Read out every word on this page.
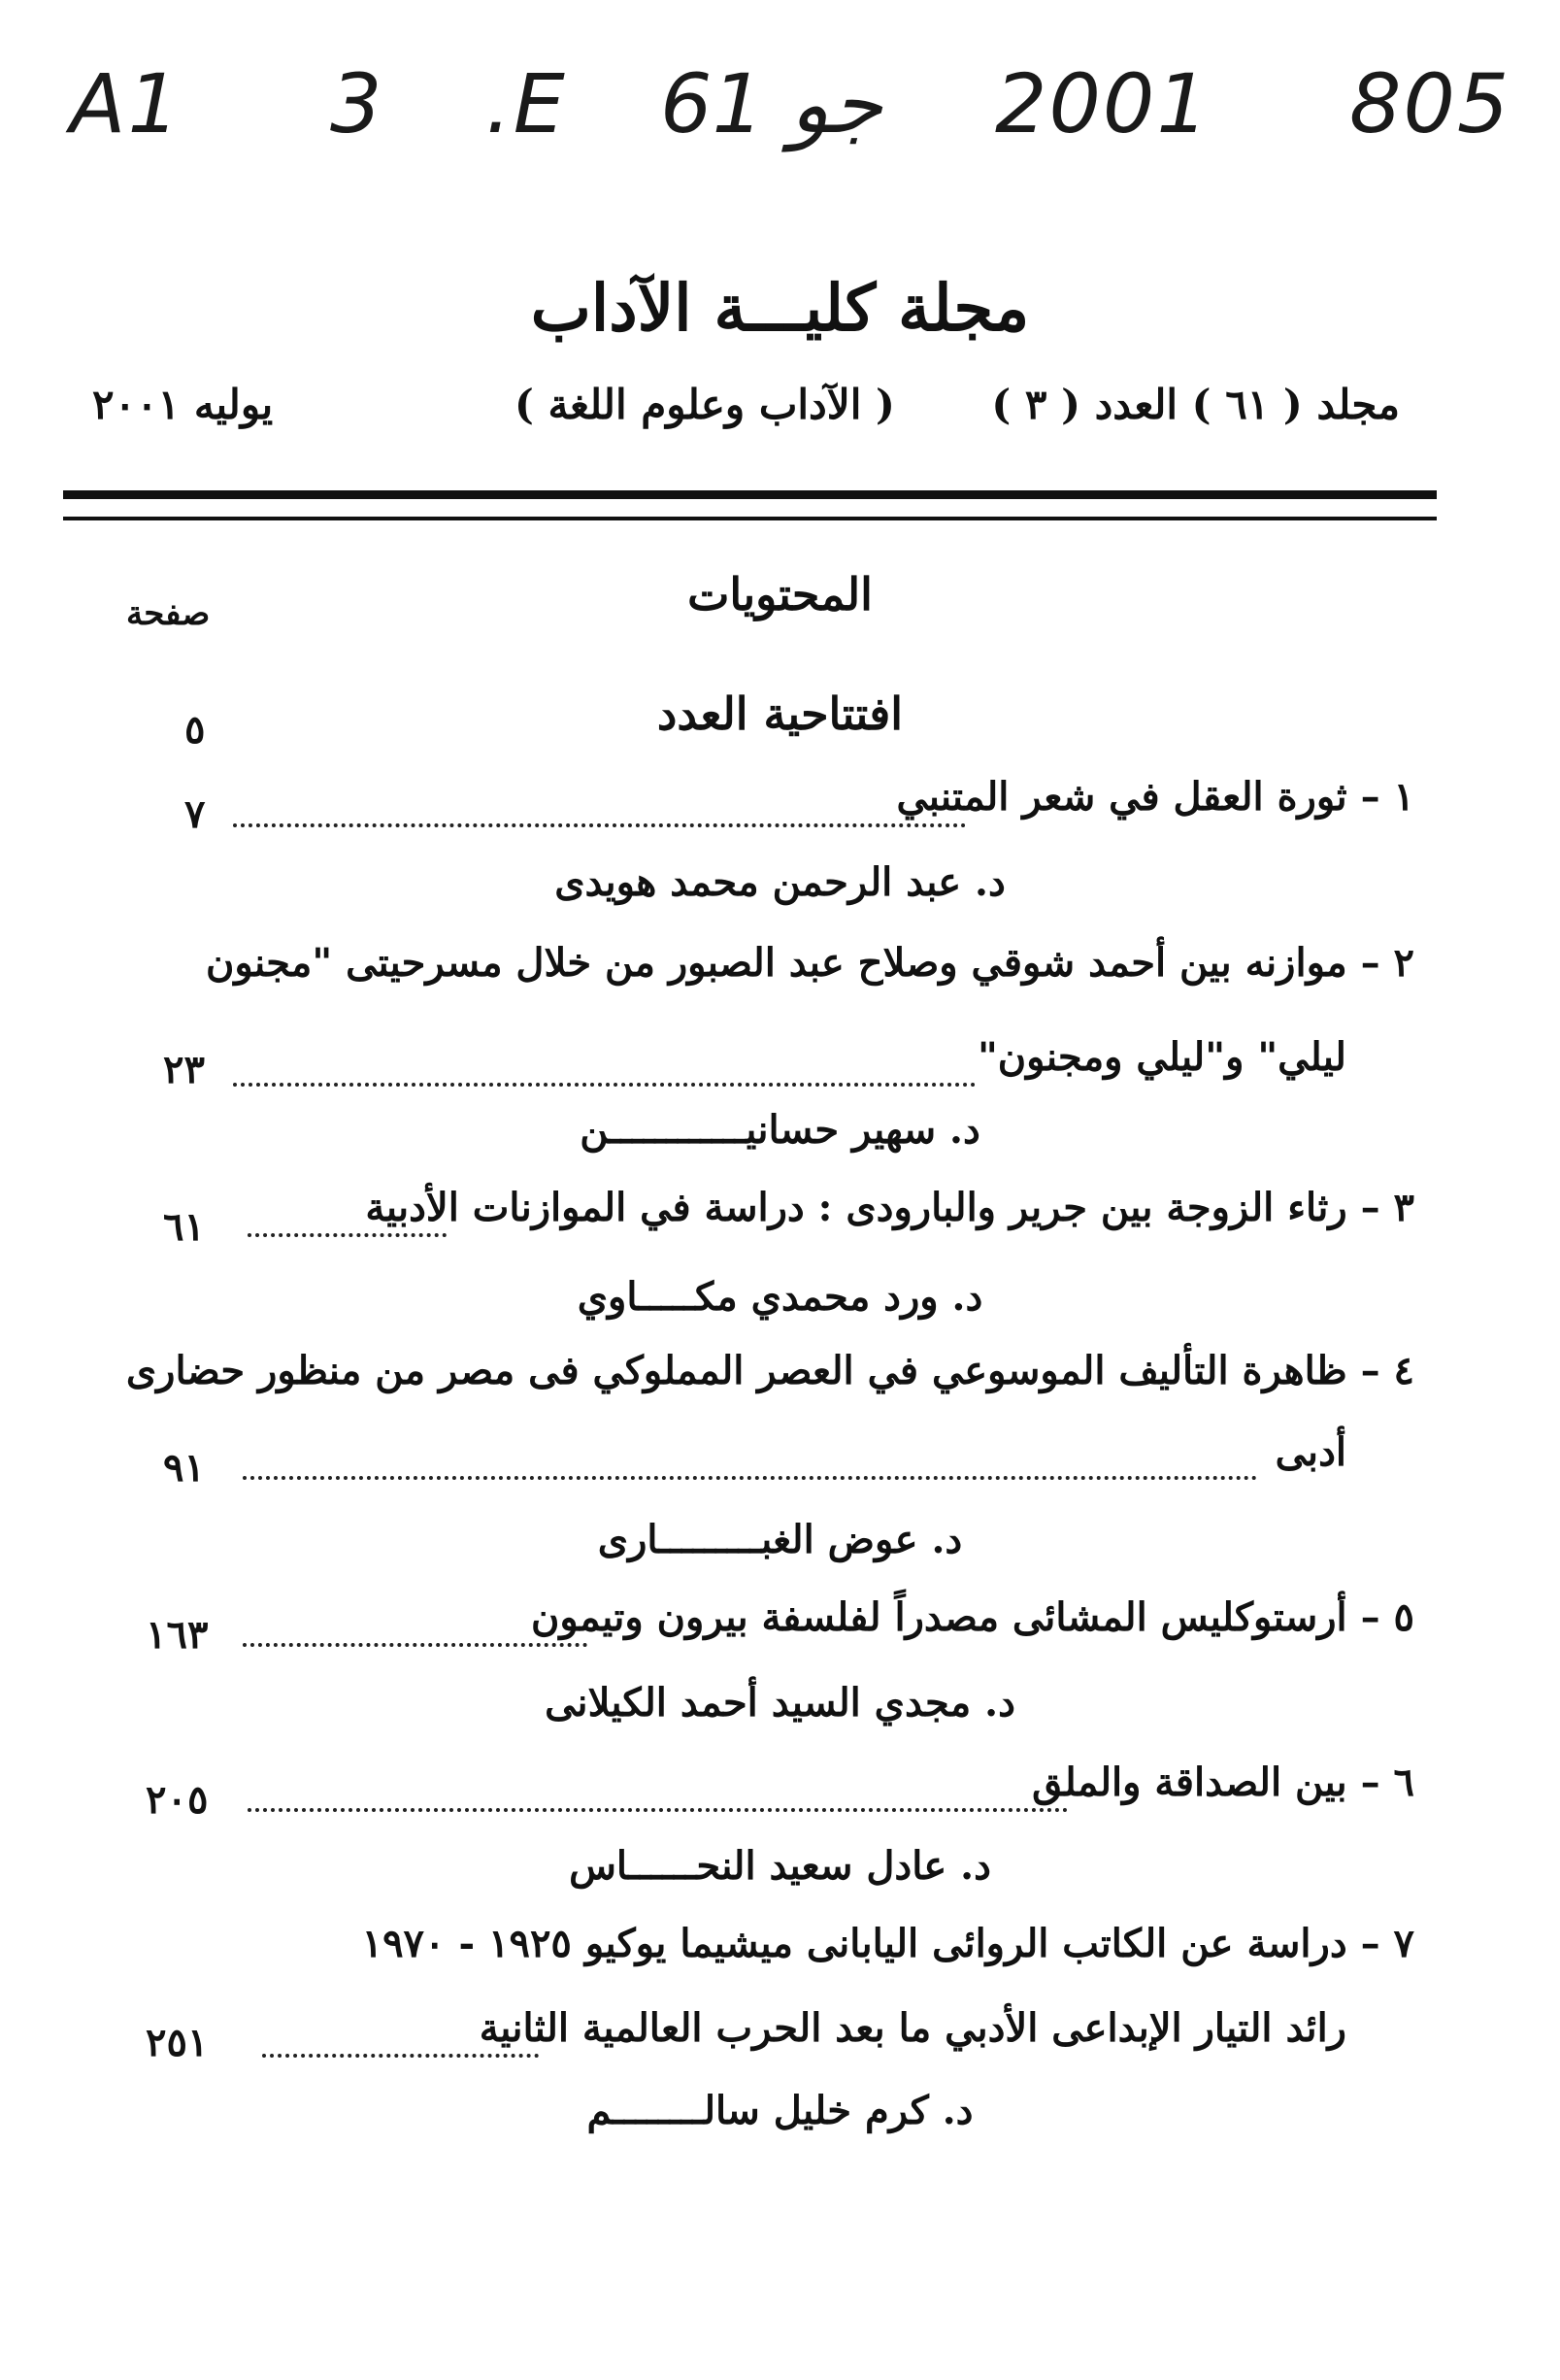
A1 3 .E 61 جو 2001 805
مجلة كليـــة الآداب
مجلد ( ٦١ ) العدد ( ٣ )
( الآداب وعلوم اللغة )
يوليه ٢٠٠١
المحتويات
صفحة
افتتاحية العدد
٥
١ – ثورة العقل في شعر المتنبي
٧
د. عبد الرحمن محمد هويدى
٢ – موازنه بين أحمد شوقي وصلاح عبد الصبور من خلال مسرحيتى "مجنون
ليلي" و"ليلي ومجنون"
٢٣
د. سهير حسانيــــــــــــن
٣ – رثاء الزوجة بين جرير والبارودى : دراسة في الموازنات الأدبية
٦١
د. ورد محمدي مكـــــاوي
٤ – ظاهرة التأليف الموسوعي في العصر المملوكي فى مصر من منظور حضارى
أدبى
٩١
د. عوض الغبـــــــــارى
٥ – أرستوكليس المشائى مصدراً لفلسفة بيرون وتيمون
١٦٣
د. مجدي السيد أحمد الكيلانى
٦ – بين الصداقة والملق
٢٠٥
د. عادل سعيد النحــــــاس
٧ – دراسة عن الكاتب الروائى اليابانى ميشيما يوكيو ١٩٢٥ - ١٩٧٠
رائد التيار الإبداعى الأدبي ما بعد الحرب العالمية الثانية
٢٥١
د. كرم خليل سالــــــــم
